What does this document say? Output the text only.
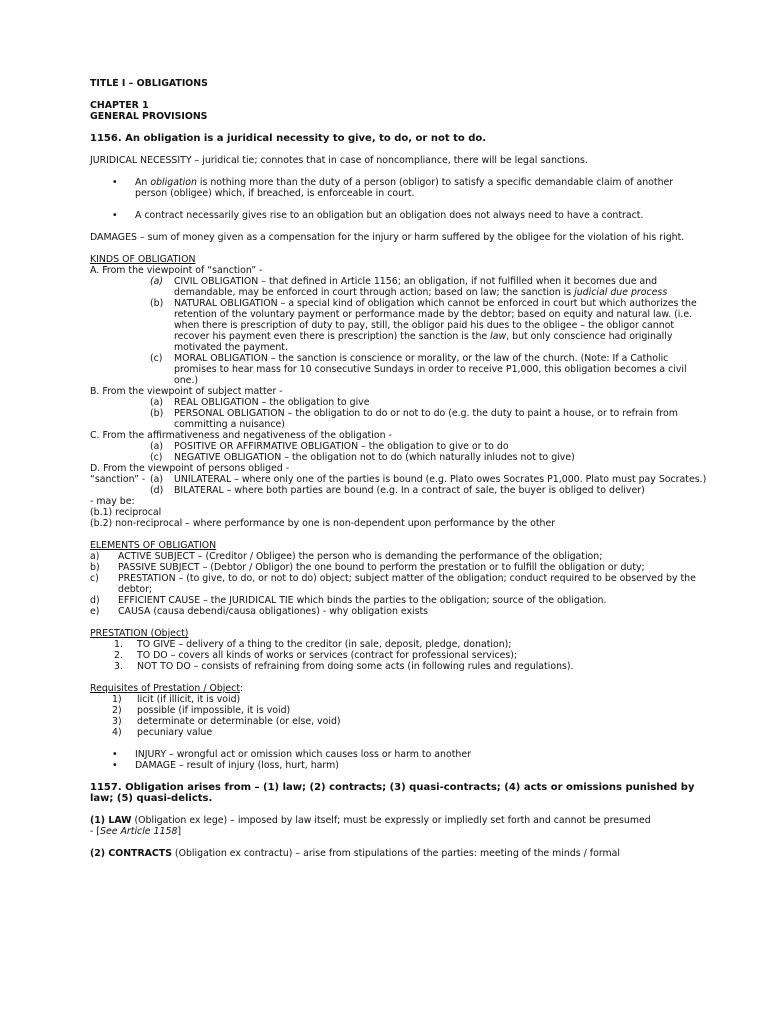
TITLE I – OBLIGATIONS

CHAPTER 1

GENERAL PROVISIONS

1156. An obligation is a juridical necessity to give, to do, or not to do.

JURIDICAL NECESSITY – juridical tie; connotes that in case of noncompliance, there will be legal sanctions.

• An obligation is nothing more than the duty of a person (obligor) to satisfy a specific demandable claim of another person (obligee) which, if breached, is enforceable in court.

• A contract necessarily gives rise to an obligation but an obligation does not always need to have a contract.

DAMAGES – sum of money given as a compensation for the injury or harm suffered by the obligee for the violation of his right.

KINDS OF OBLIGATION

A. From the viewpoint of “sanction” -

(a)	CIVIL OBLIGATION – that defined in Article 1156; an obligation, if not fulfilled when it becomes due and demandable, may be enforced in court through action; based on law; the sanction is judicial due process
(b)	NATURAL OBLIGATION – a special kind of obligation which cannot be enforced in court but which authorizes the retention of the voluntary payment or performance made by the debtor; based on equity and natural law. (i.e. when there is prescription of duty to pay, still, the obligor paid his dues to the obligee – the obligor cannot recover his payment even there is prescription) the sanction is the law, but only conscience had originally motivated the payment.
(c)	MORAL OBLIGATION – the sanction is conscience or morality, or the law of the church. (Note: If a Catholic promises to hear mass for 10 consecutive Sundays in order to receive P1,000, this obligation becomes a civil one.)

B. From the viewpoint of subject matter -

(a)	REAL OBLIGATION – the obligation to give
(b)	PERSONAL OBLIGATION – the obligation to do or not to do (e.g. the duty to paint a house, or to refrain from committing a nuisance)

C. From the affirmativeness and negativeness of the obligation -

(a)	POSITIVE OR AFFIRMATIVE OBLIGATION – the obligation to give or to do
(c)	NEGATIVE OBLIGATION – the obligation not to do (which naturally inludes not to give)

D. From the viewpoint of persons obliged -

“sanction” - (a)	UNILATERAL – where only one of the parties is bound (e.g. Plato owes Socrates P1,000. Plato must pay Socrates.)
(d)	BILATERAL – where both parties are bound (e.g. In a contract of sale, the buyer is obliged to deliver)

- may be:

(b.1) reciprocal

(b.2) non-reciprocal – where performance by one is non-dependent upon performance by the other

ELEMENTS OF OBLIGATION

a) ACTIVE SUBJECT – (Creditor / Obligee) the person who is demanding the performance of the obligation;
b) PASSIVE SUBJECT – (Debtor / Obligor) the one bound to perform the prestation or to fulfill the obligation or duty;
c) PRESTATION – (to give, to do, or not to do) object; subject matter of the obligation; conduct required to be observed by the debtor;
d) EFFICIENT CAUSE – the JURIDICAL TIE which binds the parties to the obligation; source of the obligation.
e) CAUSA (causa debendi/causa obligationes) - why obligation exists

PRESTATION (Object)

1. TO GIVE – delivery of a thing to the creditor (in sale, deposit, pledge, donation);
2. TO DO – covers all kinds of works or services (contract for professional services);
3. NOT TO DO – consists of refraining from doing some acts (in following rules and regulations).

Requisites of Prestation / Object:

1) licit (if illicit, it is void)
2) possible (if impossible, it is void)
3) determinate or determinable (or else, void)
4) pecuniary value

• INJURY – wrongful act or omission which causes loss or harm to another

• DAMAGE – result of injury (loss, hurt, harm)

1157. Obligation arises from – (1) law; (2) contracts; (3) quasi-contracts; (4) acts or omissions punished by law; (5) quasi-delicts.

(1) LAW (Obligation ex lege) – imposed by law itself; must be expressly or impliedly set forth and cannot be presumed

- [See Article 1158]

(2) CONTRACTS (Obligation ex contractu) – arise from stipulations of the parties: meeting of the minds / formal
